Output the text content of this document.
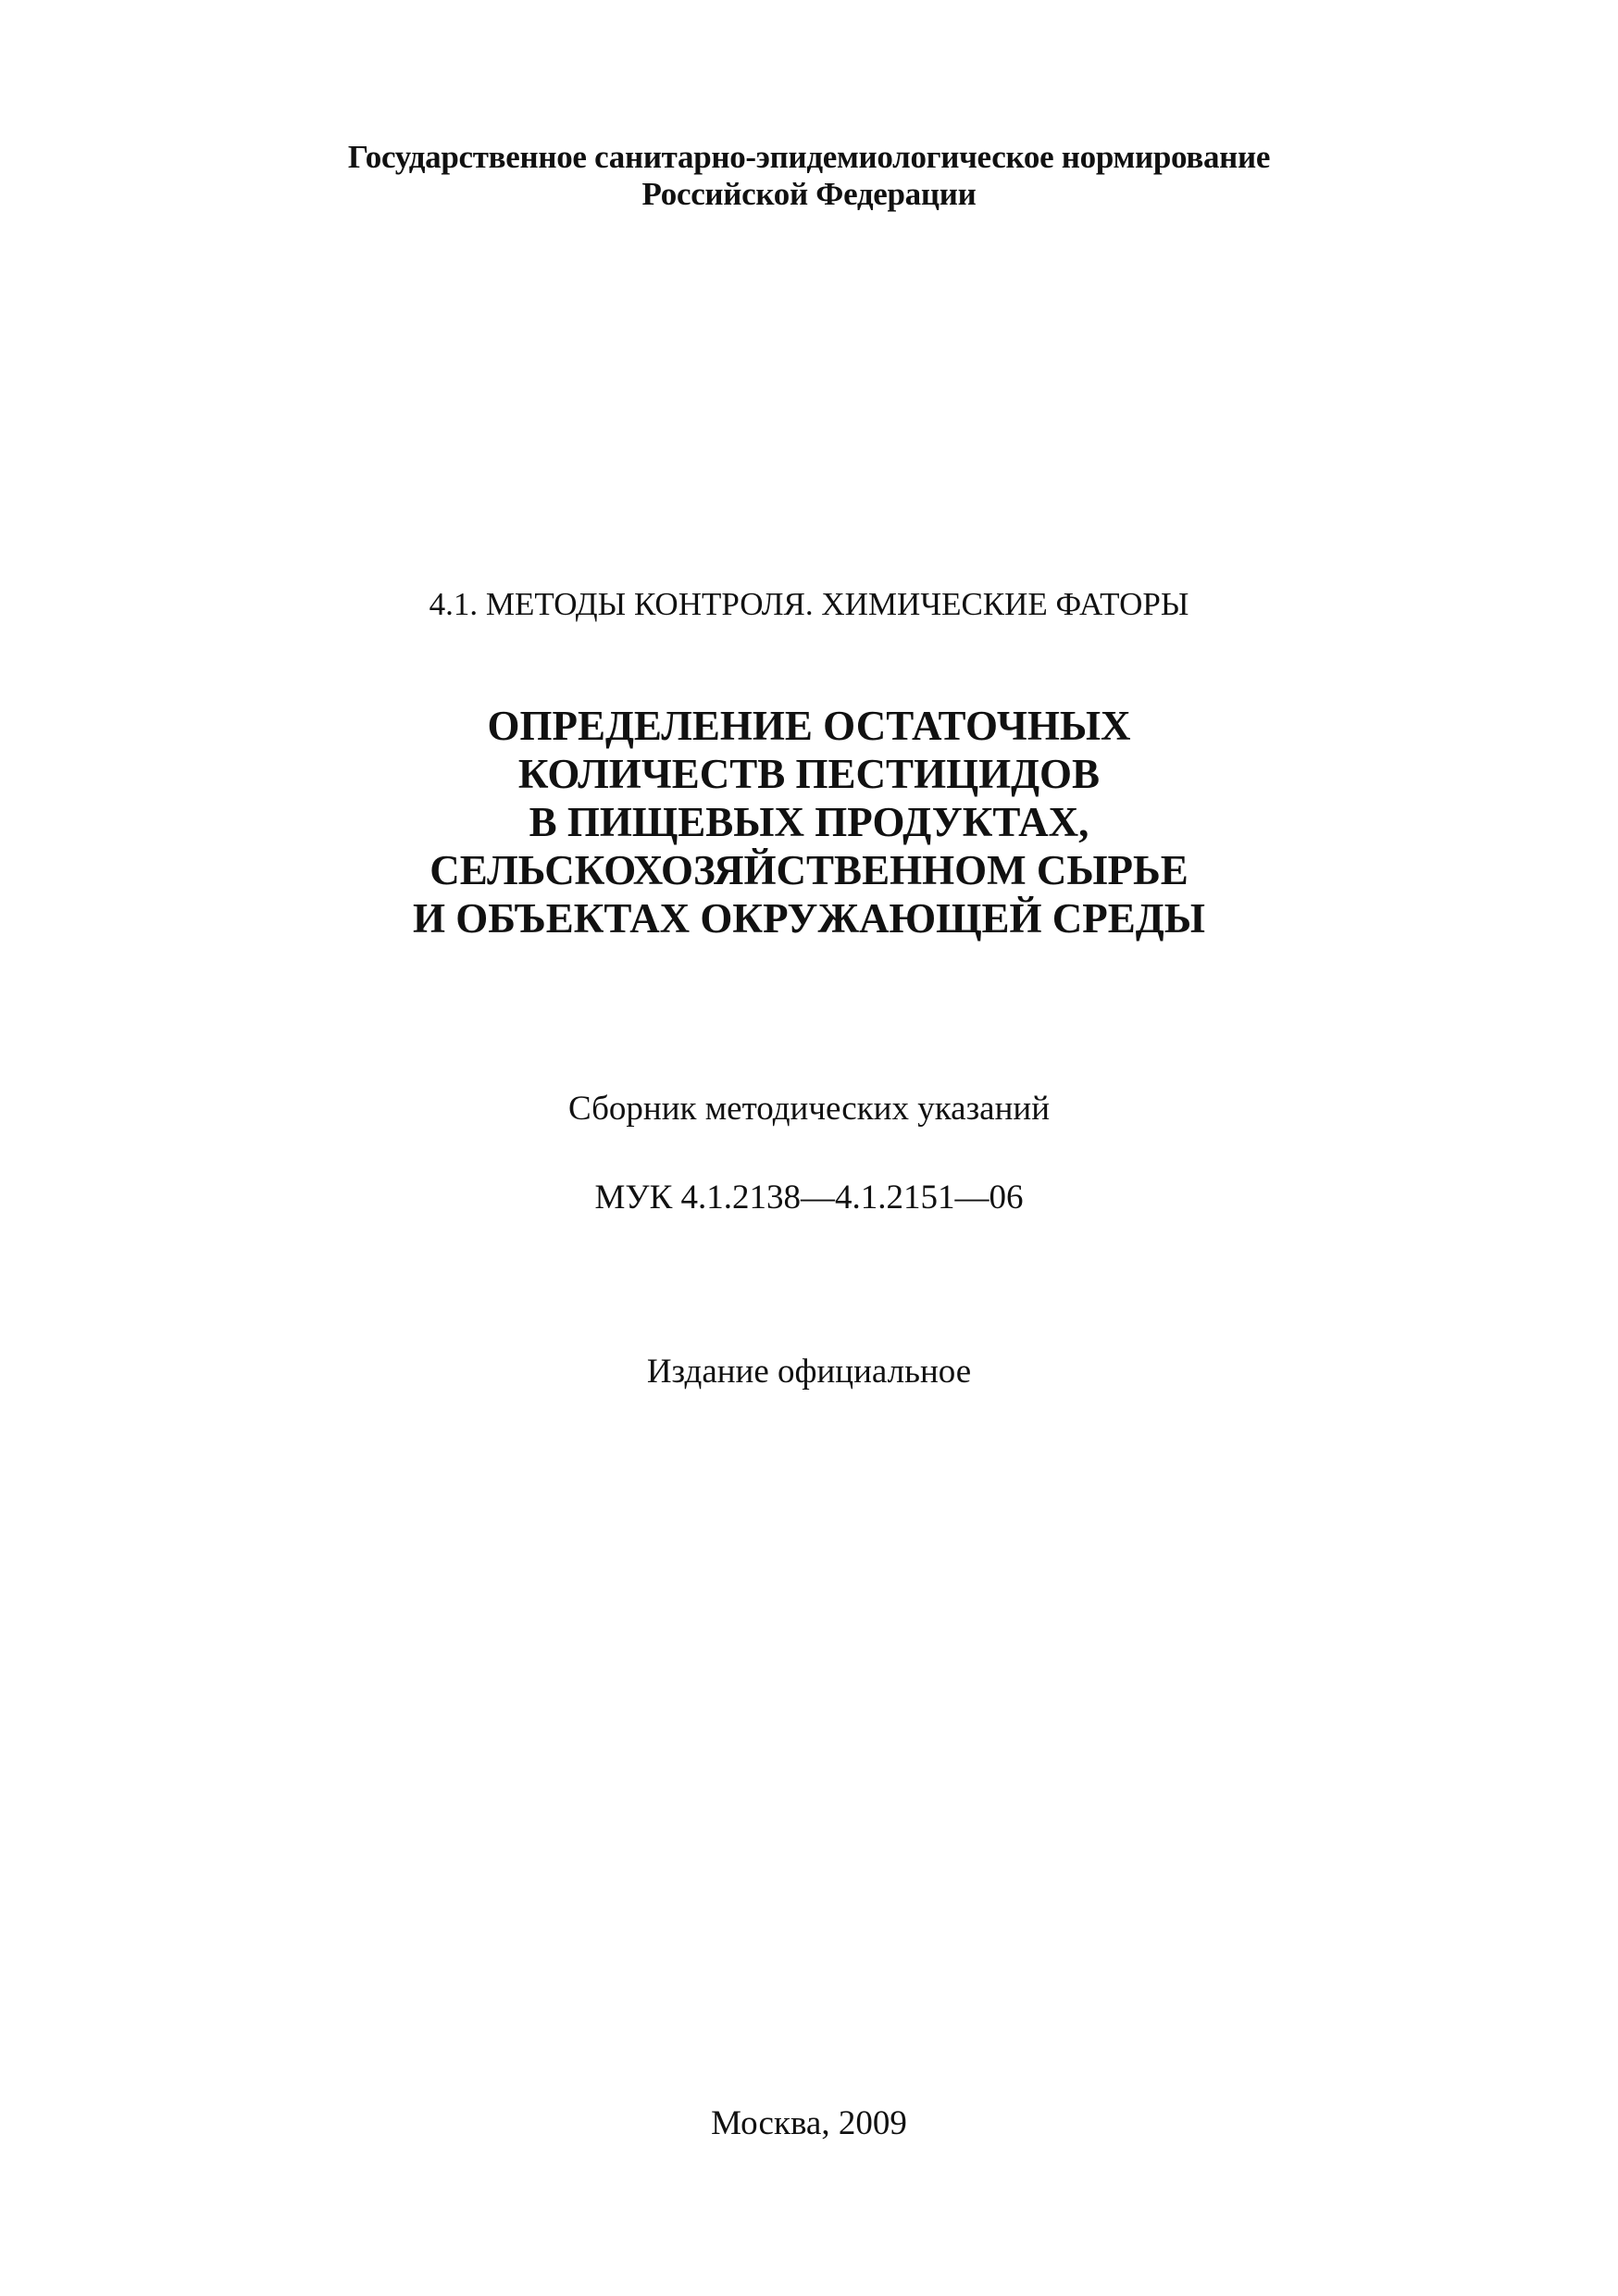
Государственное санитарно-эпидемиологическое нормирование
Российской Федерации
4.1. МЕТОДЫ КОНТРОЛЯ. ХИМИЧЕСКИЕ ФАТОРЫ
ОПРЕДЕЛЕНИЕ ОСТАТОЧНЫХ
КОЛИЧЕСТВ ПЕСТИЦИДОВ
В ПИЩЕВЫХ ПРОДУКТАХ,
СЕЛЬСКОХОЗЯЙСТВЕННОМ СЫРЬЕ
И ОБЪЕКТАХ ОКРУЖАЮЩЕЙ СРЕДЫ
Сборник методических указаний
МУК 4.1.2138—4.1.2151—06
Издание официальное
Москва, 2009
